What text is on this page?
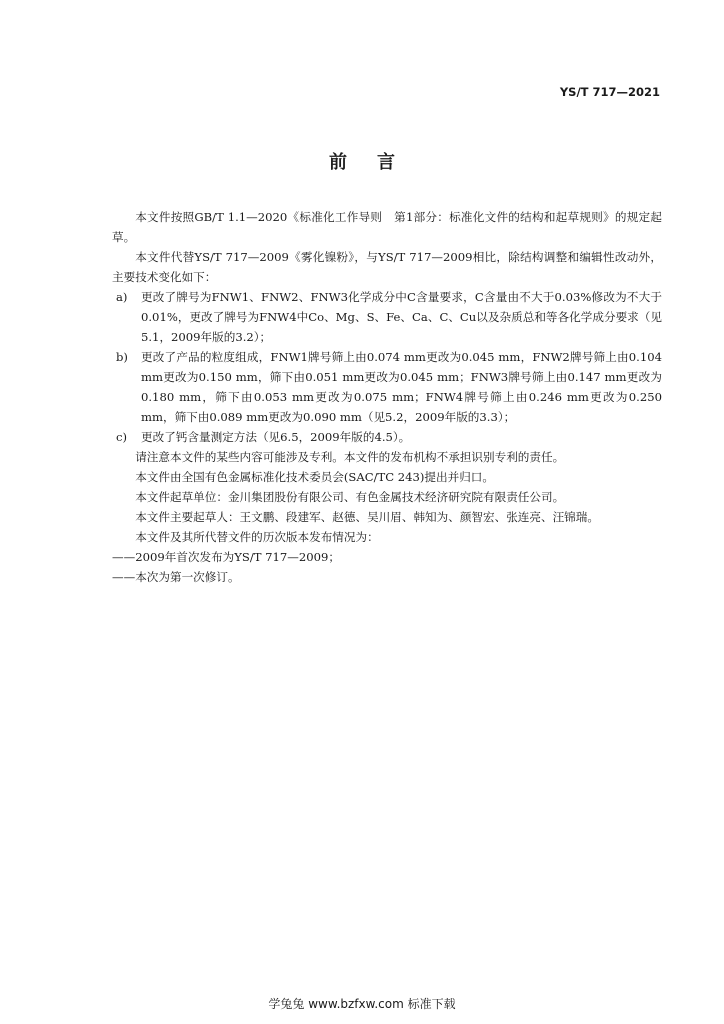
YS/T 717—2021
前言
本文件按照GB/T 1.1—2020《标准化工作导则　第1部分：标准化文件的结构和起草规则》的规定起草。
本文件代替YS/T 717—2009《雾化镍粉》，与YS/T 717—2009相比，除结构调整和编辑性改动外，主要技术变化如下：
a)	更改了牌号为FNW1、FNW2、FNW3化学成分中C含量要求，C含量由不大于0.03%修改为不大于0.01%，更改了牌号为FNW4中Co、Mg、S、Fe、Ca、C、Cu以及杂质总和等各化学成分要求（见5.1，2009年版的3.2）；
b)	更改了产品的粒度组成，FNW1牌号筛上由0.074 mm更改为0.045 mm，FNW2牌号筛上由0.104 mm更改为0.150 mm，筛下由0.051 mm更改为0.045 mm；FNW3牌号筛上由0.147 mm更改为0.180 mm，筛下由0.053 mm更改为0.075 mm；FNW4牌号筛上由0.246 mm更改为0.250 mm，筛下由0.089 mm更改为0.090 mm（见5.2，2009年版的3.3）；
c)	更改了钙含量测定方法（见6.5，2009年版的4.5）。
请注意本文件的某些内容可能涉及专利。本文件的发布机构不承担识别专利的责任。
本文件由全国有色金属标准化技术委员会(SAC/TC 243)提出并归口。
本文件起草单位：金川集团股份有限公司、有色金属技术经济研究院有限责任公司。
本文件主要起草人：王文鹏、段建军、赵德、吴川眉、韩知为、颜智宏、张连亮、汪锦瑞。
本文件及其所代替文件的历次版本发布情况为：
——2009年首次发布为YS/T 717—2009；
——本次为第一次修订。
学兔兔 www.bzfxw.com 标准下载
